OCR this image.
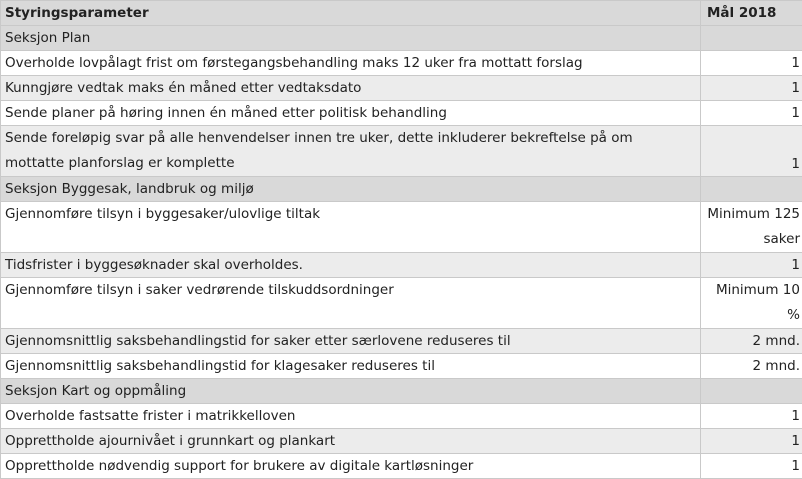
Styringsparameter	Mål 2018
Seksjon Plan	
Overholde lovpålagt frist om førstegangsbehandling maks 12 uker fra mottatt forslag	1
Kunngjøre vedtak maks én måned etter vedtaksdato	1
Sende planer på høring innen én måned etter politisk behandling	1
Sende foreløpig svar på alle henvendelser innen tre uker, dette inkluderer bekreftelse på om mottatte planforslag er komplette	1
Seksjon Byggesak, landbruk og miljø	
Gjennomføre tilsyn i byggesaker/ulovlige tiltak	Minimum 125 saker
Tidsfrister i byggesøknader skal overholdes.	1
Gjennomføre tilsyn i saker vedrørende tilskuddsordninger	Minimum 10 %
Gjennomsnittlig saksbehandlingstid for saker etter særlovene reduseres til	2 mnd.
Gjennomsnittlig saksbehandlingstid for klagesaker reduseres til	2 mnd.
Seksjon Kart og oppmåling	
Overholde fastsatte frister i matrikkelloven	1
Opprettholde ajournivået i grunnkart og plankart	1
Opprettholde nødvendig support for brukere av digitale kartløsninger	1
